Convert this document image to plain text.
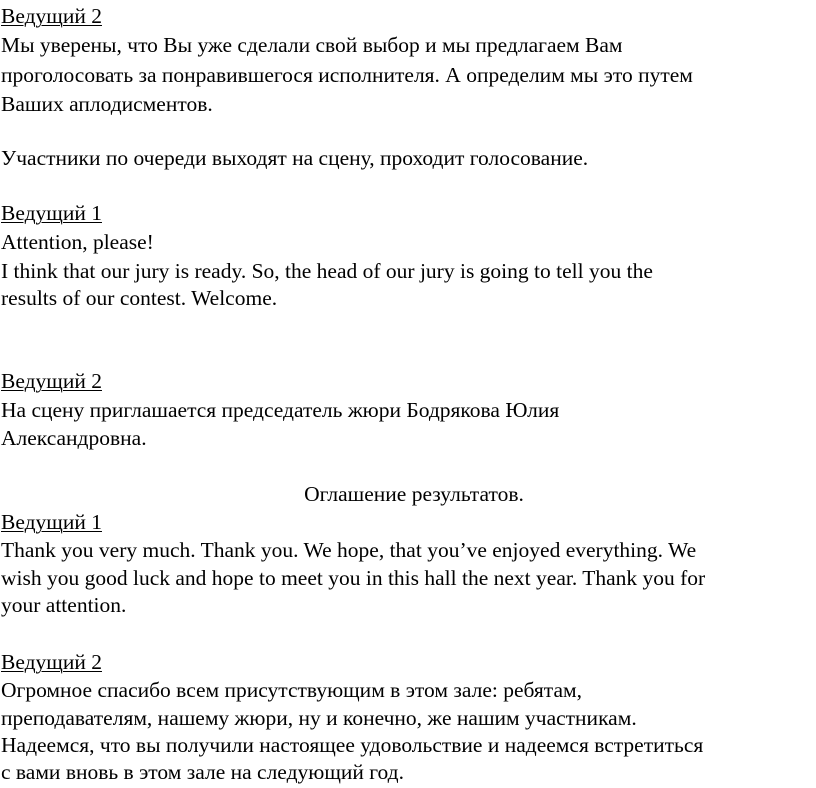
Ведущий 2
Мы уверены, что Вы уже сделали свой выбор и мы предлагаем Вам
проголосовать за понравившегося исполнителя. А определим мы это путем
Ваших аплодисментов.
Участники по очереди выходят на сцену, проходит голосование.
Ведущий 1
Attention, please!
I think that our jury is ready. So, the head of our jury is going to tell you the
results of our contest. Welcome.
Ведущий 2
На сцену приглашается председатель жюри Бодрякова Юлия
Александровна.
Оглашение результатов.
Ведущий 1
Thank you very much. Thank you. We hope, that you’ve enjoyed everything. We
wish you good luck and hope to meet you in this hall the next year. Thank you for
your attention.
Ведущий 2
Огромное спасибо всем присутствующим в этом зале: ребятам,
преподавателям, нашему жюри, ну и конечно, же нашим участникам.
Надеемся, что вы получили настоящее удовольствие и надеемся встретиться
с вами вновь в этом зале на следующий год.
